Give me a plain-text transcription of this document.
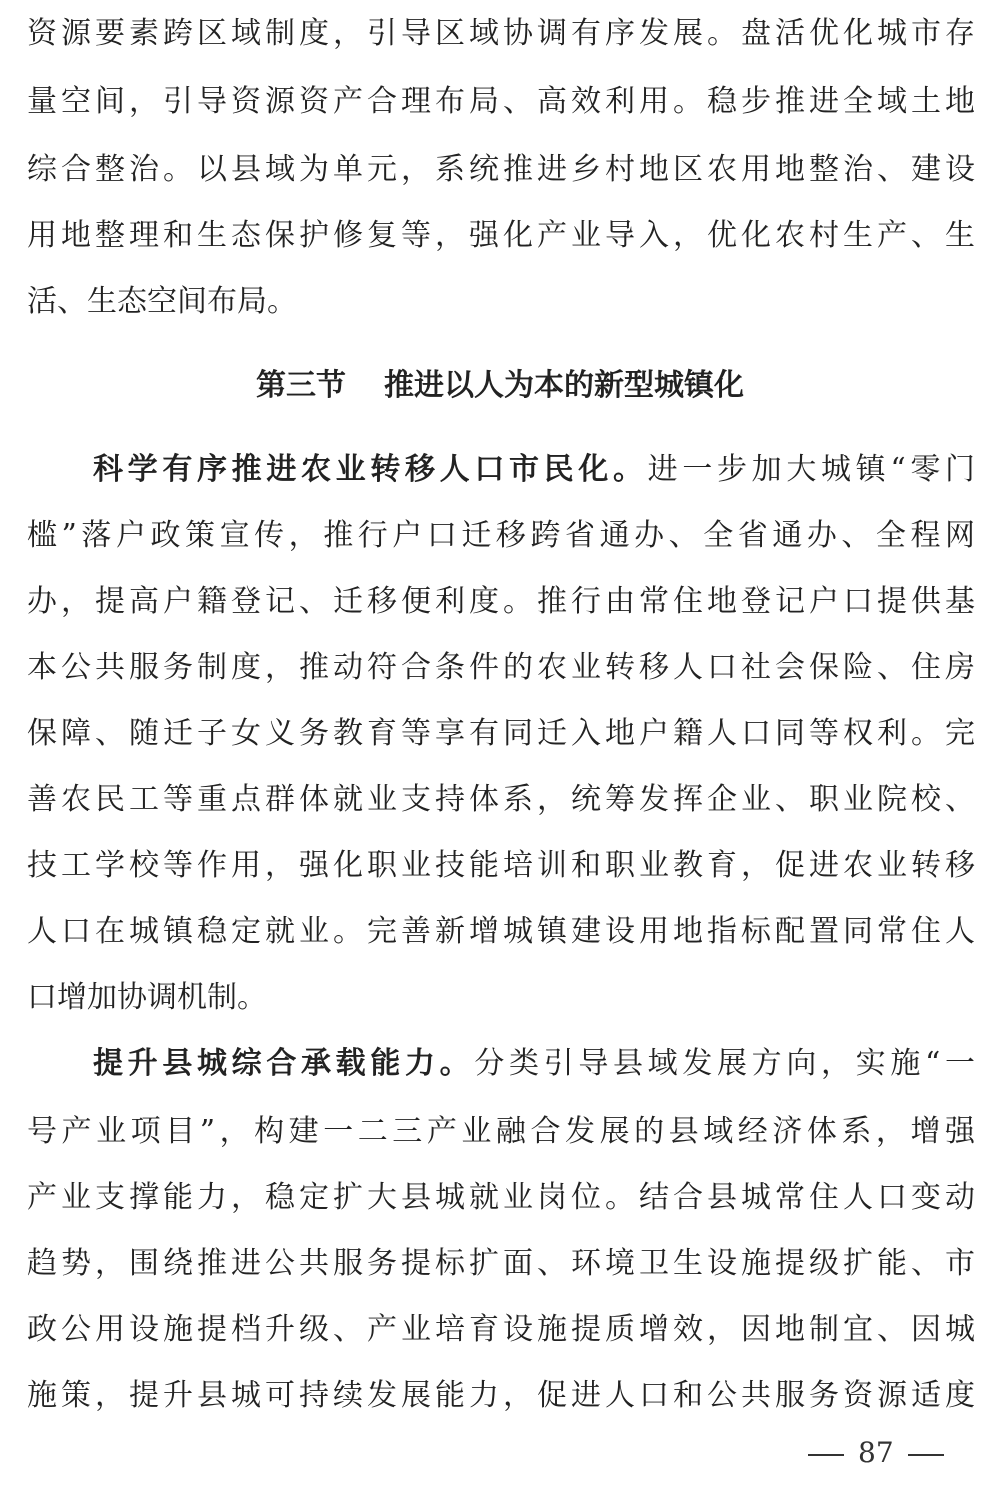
资源要素跨区域制度，引导区域协调有序发展。盘活优化城市存
量空间，引导资源资产合理布局、高效利用。稳步推进全域土地
综合整治。以县域为单元，系统推进乡村地区农用地整治、建设
用地整理和生态保护修复等，强化产业导入，优化农村生产、生
活、生态空间布局。
第三节 推进以人为本的新型城镇化
科学有序推进农业转移人口市民化。进一步加大城镇“零门
槛”落户政策宣传，推行户口迁移跨省通办、全省通办、全程网
办，提高户籍登记、迁移便利度。推行由常住地登记户口提供基
本公共服务制度，推动符合条件的农业转移人口社会保险、住房
保障、随迁子女义务教育等享有同迁入地户籍人口同等权利。完
善农民工等重点群体就业支持体系，统筹发挥企业、职业院校、
技工学校等作用，强化职业技能培训和职业教育，促进农业转移
人口在城镇稳定就业。完善新增城镇建设用地指标配置同常住人
口增加协调机制。
提升县城综合承载能力。分类引导县域发展方向，实施“一
号产业项目”，构建一二三产业融合发展的县域经济体系，增强
产业支撑能力，稳定扩大县城就业岗位。结合县城常住人口变动
趋势，围绕推进公共服务提标扩面、环境卫生设施提级扩能、市
政公用设施提档升级、产业培育设施提质增效，因地制宜、因城
施策，提升县城可持续发展能力，促进人口和公共服务资源适度
87
